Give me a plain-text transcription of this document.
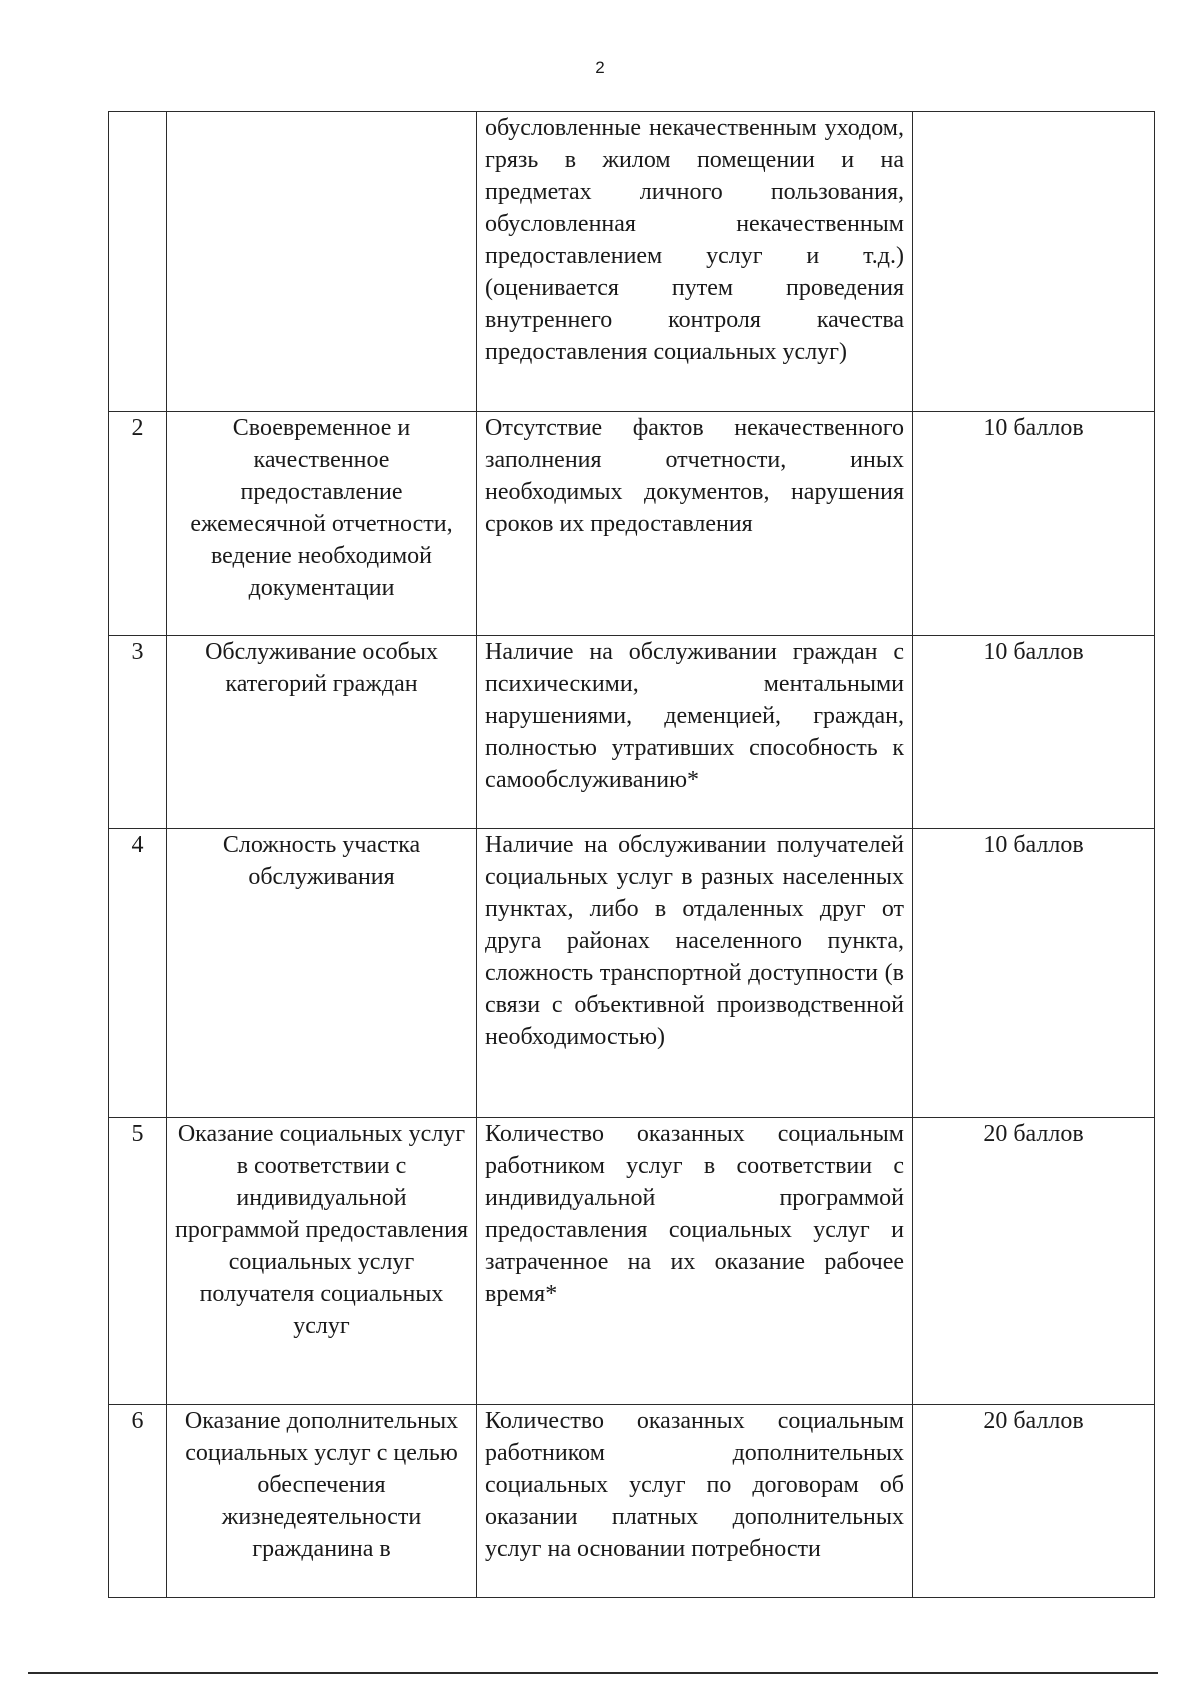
2
		обусловленные некачественным уходом, грязь в жилом помещении и на предметах личного пользования, обусловленная некачественным предоставлением услуг и т.д.) (оценивается путем проведения внутреннего контроля качества предоставления социальных услуг)	
2	Своевременное и качественное предоставление ежемесячной отчетности, ведение необходимой документации	Отсутствие фактов некачественного заполнения отчетности, иных необходимых документов, нарушения сроков их предоставления	10 баллов
3	Обслуживание особых категорий граждан	Наличие на обслуживании граждан с психическими, ментальными нарушениями, деменцией, граждан, полностью утративших способность к самообслуживанию*	10 баллов
4	Сложность участка обслуживания	Наличие на обслуживании получателей социальных услуг в разных населенных пунктах, либо в отдаленных друг от друга районах населенного пункта, сложность транспортной доступности (в связи с объективной производственной необходимостью)	10 баллов
5	Оказание социальных услуг в соответствии с индивидуальной программой предоставления социальных услуг получателя социальных услуг	Количество оказанных социальным работником услуг в соответствии с индивидуальной программой предоставления социальных услуг и затраченное на их оказание рабочее время*	20 баллов
6	Оказание дополнительных социальных услуг с целью обеспечения жизнедеятельности гражданина в	Количество оказанных социальным работником дополнительных социальных услуг по договорам об оказании платных дополнительных услуг на основании потребности	20 баллов
